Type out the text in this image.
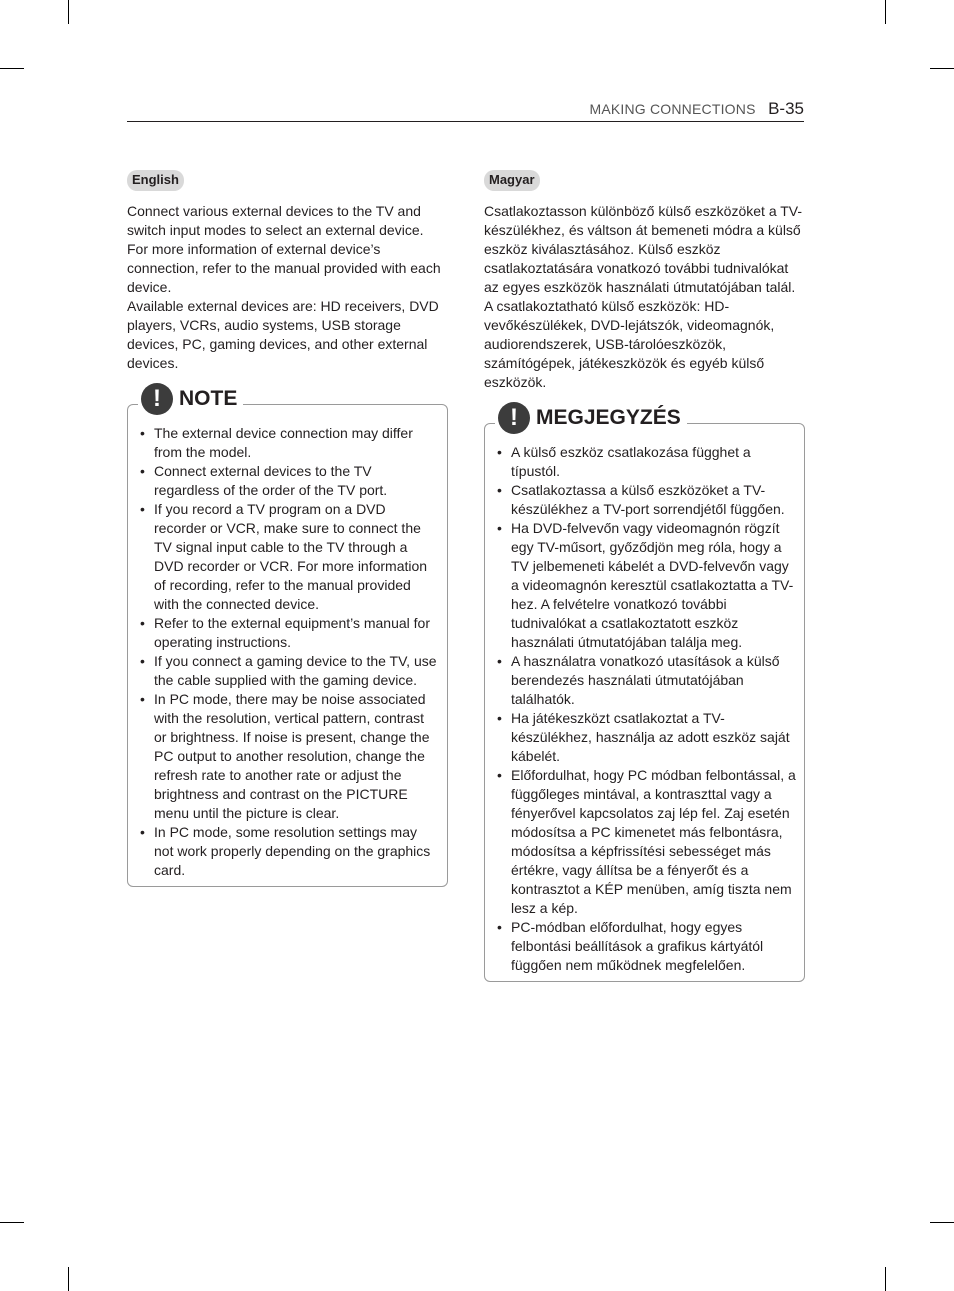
MAKING CONNECTIONS B-35
English

Connect various external devices to the TV and switch input modes to select an external device. For more information of external device’s connection, refer to the manual provided with each device.

Available external devices are: HD receivers, DVD players, VCRs, audio systems, USB storage devices, PC, gaming devices, and other external devices.

! NOTE
• The external device connection may differ from the model.
• Connect external devices to the TV regardless of the order of the TV port.
• If you record a TV program on a DVD recorder or VCR, make sure to connect the TV signal input cable to the TV through a DVD recorder or VCR. For more information of recording, refer to the manual provided with the connected device.
• Refer to the external equipment’s manual for operating instructions.
• If you connect a gaming device to the TV, use the cable supplied with the gaming device.
• In PC mode, there may be noise associated with the resolution, vertical pattern, contrast or brightness. If noise is present, change the PC output to another resolution, change the refresh rate to another rate or adjust the brightness and contrast on the PICTURE menu until the picture is clear.
• In PC mode, some resolution settings may not work properly depending on the graphics card.
Magyar

Csatlakoztasson különböző külső eszközöket a TV-készülékhez, és váltson át bemeneti módra a külső eszköz kiválasztásához. Külső eszköz csatlakoztatására vonatkozó további tudnivalókat az egyes eszközök használati útmutatójában talál.

A csatlakoztatható külső eszközök: HD-vevőkészülékek, DVD-lejátszók, videomagnók, audiorendszerek, USB-tárolóeszközök, számítógépek, játékeszközök és egyéb külső eszközök.

! MEGJEGYZÉS
• A külső eszköz csatlakozása függhet a típustól.
• Csatlakoztassa a külső eszközöket a TV-készülékhez a TV-port sorrendjétől függően.
• Ha DVD-felvevőn vagy videomagnón rögzít egy TV-műsort, győződjön meg róla, hogy a TV jelbemeneti kábelét a DVD-felvevőn vagy a videomagnón keresztül csatlakoztatta a TV-hez. A felvételre vonatkozó további tudnivalókat a csatlakoztatott eszköz használati útmutatójában találja meg.
• A használatra vonatkozó utasítások a külső berendezés használati útmutatójában találhatók.
• Ha játékeszközt csatlakoztat a TV-készülékhez, használja az adott eszköz saját kábelét.
• Előfordulhat, hogy PC módban felbontással, a függőleges mintával, a kontraszttal vagy a fényerővel kapcsolatos zaj lép fel. Zaj esetén módosítsa a PC kimenetet más felbontásra, módosítsa a képfrissítési sebességet más értékre, vagy állítsa be a fényerőt és a kontrasztot a KÉP menüben, amíg tiszta nem lesz a kép.
• PC-módban előfordulhat, hogy egyes felbontási beállítások a grafikus kártyától függően nem működnek megfelelően.
